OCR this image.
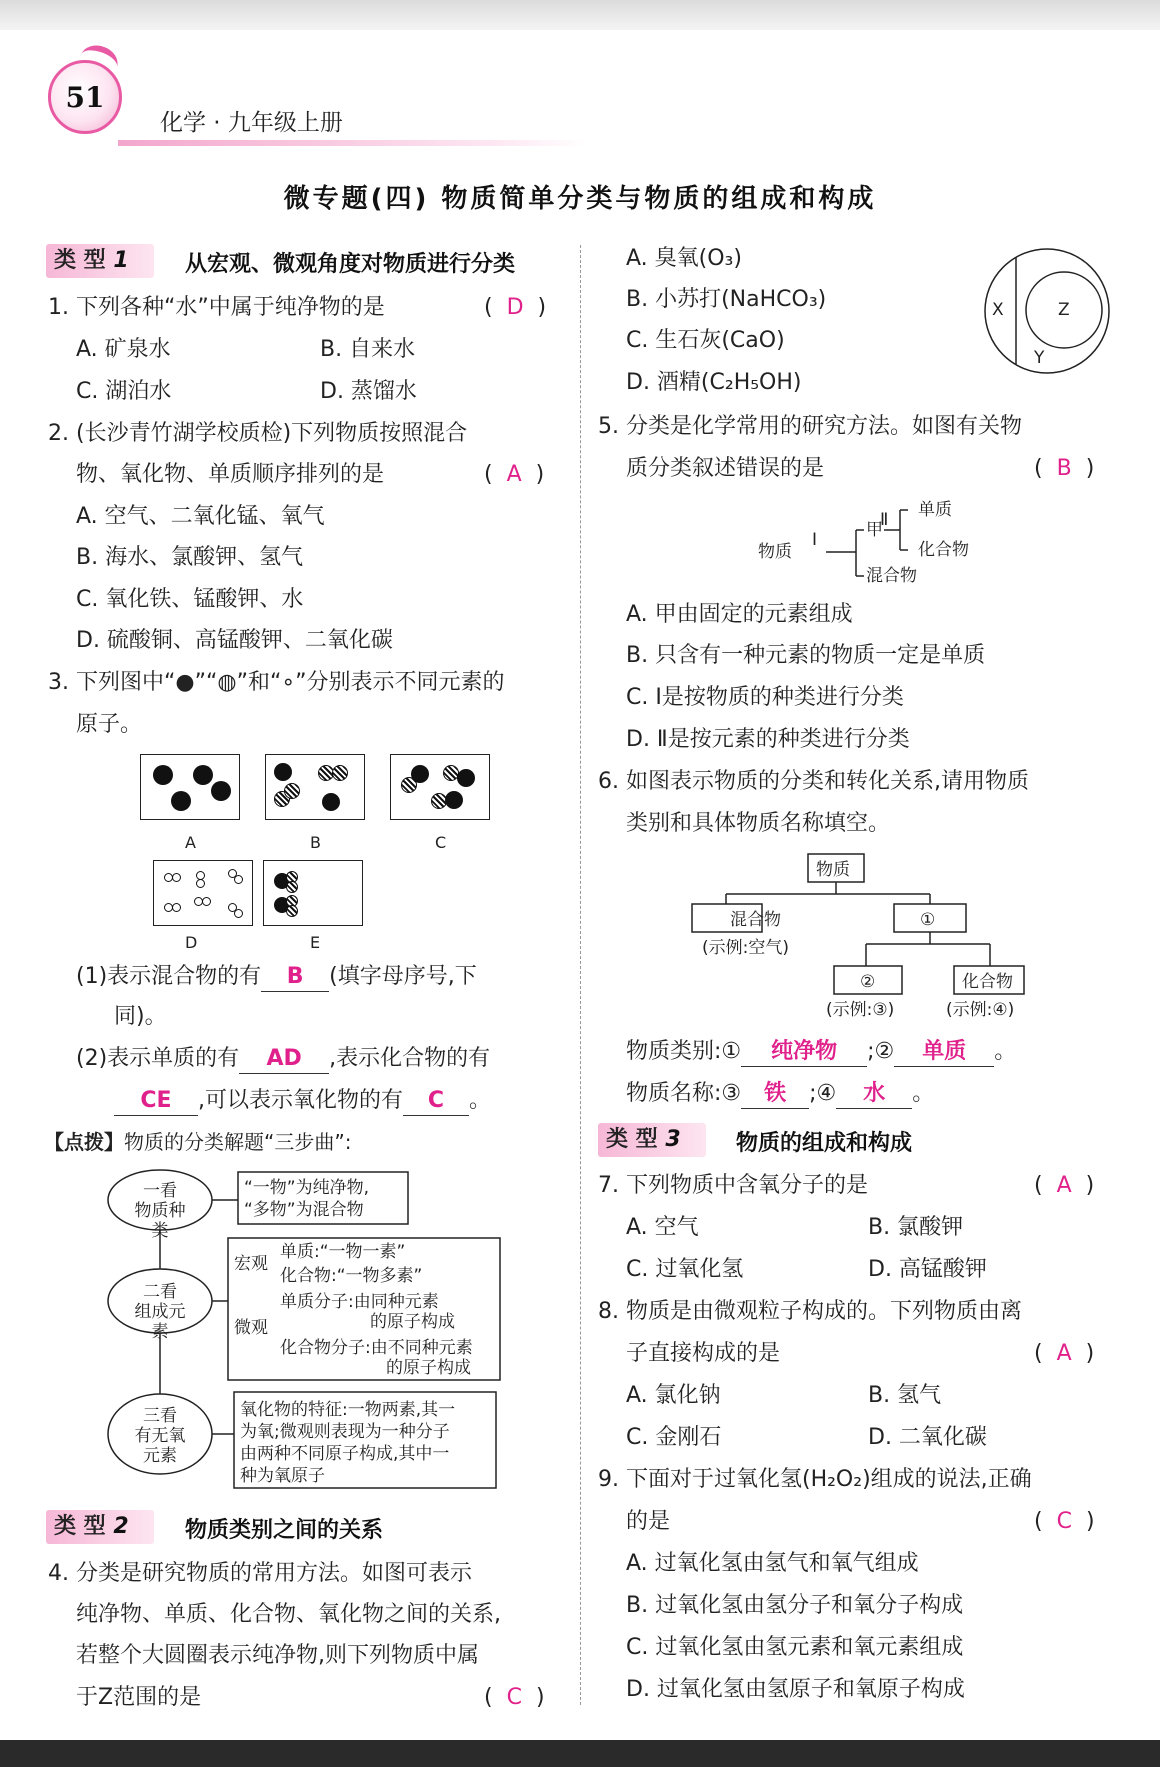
51
化学 · 九年级上册
微专题(四) 物质简单分类与物质的组成和构成
类 型 1	从宏观、微观角度对物质进行分类
1. 下列各种“水”中属于纯净物的是	( D )
A. 矿泉水	B. 自来水
C. 湖泊水	D. 蒸馏水
2. (长沙青竹湖学校质检)下列物质按照混合
物、氧化物、单质顺序排列的是	( A )
A. 空气、二氧化锰、氧气
B. 海水、氯酸钾、氢气
C. 氧化铁、锰酸钾、水
D. 硫酸铜、高锰酸钾、二氧化碳
3. 下列图中“●”“◍”和“∘”分别表示不同元素的
原子。
A	B	C
D	E
(1)表示混合物的有 B (填字母序号,下
同)。
(2)表示单质的有 AD ,表示化合物的有
CE ,可以表示氧化物的有 C 。
【点拨】物质的分类解题“三步曲”:
一看
物质种类
二看
组成元素
三看
有无氧
元素
“一物”为纯净物,
“多物”为混合物
宏观
单质:“一物一素”
化合物:“一物多素”
微观
单质分子:由同种元素
的原子构成
化合物分子:由不同种元素
的原子构成
氧化物的特征:一物两素,其一
为氧;微观则表现为一种分子
由两种不同原子构成,其中一
种为氧原子
类 型 2	物质类别之间的关系
4. 分类是研究物质的常用方法。如图可表示
纯净物、单质、化合物、氧化物之间的关系,
若整个大圆圈表示纯净物,则下列物质中属
于Z范围的是	( C )
A. 臭氧(O₃)
B. 小苏打(NaHCO₃)
C. 生石灰(CaO)
D. 酒精(C₂H₅OH)
X	Z
Y
5. 分类是化学常用的研究方法。如图有关物
质分类叙述错误的是	( B )
物质
Ⅰ	甲
Ⅱ 单质
化合物
混合物
A. 甲由固定的元素组成
B. 只含有一种元素的物质一定是单质
C. Ⅰ是按物质的种类进行分类
D. Ⅱ是按元素的种类进行分类
6. 如图表示物质的分类和转化关系,请用物质
类别和具体物质名称填空。
物质
混合物
(示例:空气)
①
②
(示例:③)
化合物
(示例:④)
物质类别:① 纯净物 ;② 单质 。
物质名称:③ 铁 ;④ 水 。
类 型 3	物质的组成和构成
7. 下列物质中含氧分子的是	( A )
A. 空气	B. 氯酸钾
C. 过氧化氢	D. 高锰酸钾
8. 物质是由微观粒子构成的。下列物质由离
子直接构成的是	( A )
A. 氯化钠	B. 氢气
C. 金刚石	D. 二氧化碳
9. 下面对于过氧化氢(H₂O₂)组成的说法,正确
的是	( C )
A. 过氧化氢由氢气和氧气组成
B. 过氧化氢由氢分子和氧分子构成
C. 过氧化氢由氢元素和氧元素组成
D. 过氧化氢由氢原子和氧原子构成
